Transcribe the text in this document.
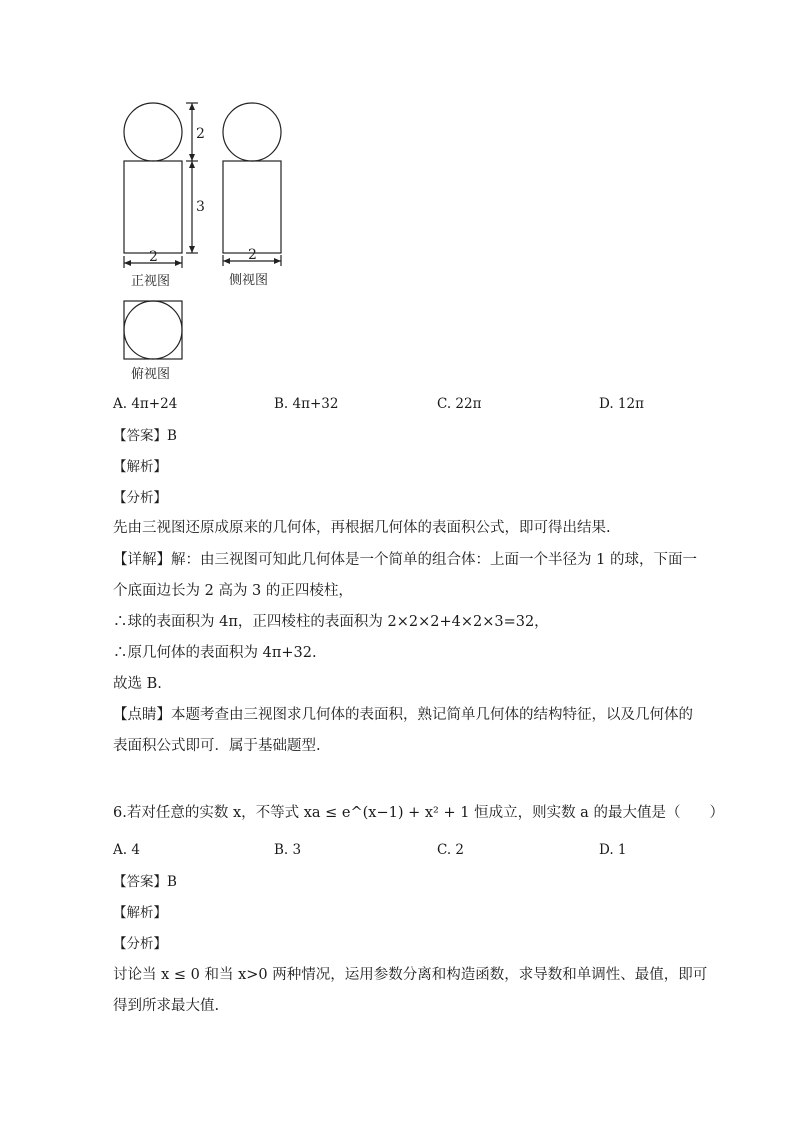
2
3
2	2
正视图	侧视图
俯视图
A. 4π+24	B. 4π+32	C. 22π	D. 12π
【答案】B
【解析】
【分析】
先由三视图还原成原来的几何体，再根据几何体的表面积公式，即可得出结果.
【详解】解：由三视图可知此几何体是一个简单的组合体：上面一个半径为 1 的球，下面一
个底面边长为 2 高为 3 的正四棱柱，
∴球的表面积为 4π，正四棱柱的表面积为 2×2×2+4×2×3=32，
∴原几何体的表面积为 4π+32.
故选 B.
【点睛】本题考查由三视图求几何体的表面积，熟记简单几何体的结构特征，以及几何体的
表面积公式即可．属于基础题型.
6.若对任意的实数 x，不等式 xa ≤ e^(x−1) + x² + 1 恒成立，则实数 a 的最大值是（　　）
A. 4	B. 3	C. 2	D. 1
【答案】B
【解析】
【分析】
讨论当 x ≤ 0 和当 x>0 两种情况，运用参数分离和构造函数，求导数和单调性、最值，即可
得到所求最大值.
